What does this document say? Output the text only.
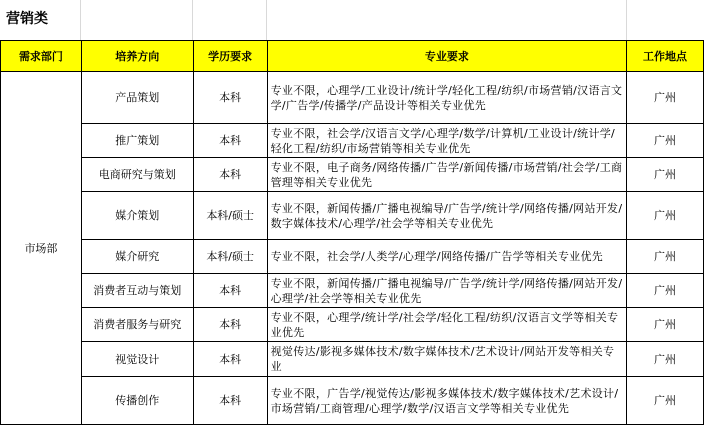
营销类
需求部门	培养方向	学历要求	专业要求	工作地点
市场部	产品策划	本科	专业不限，心理学/工业设计/统计学/轻化工程/纺织/市场营销/汉语言文学/广告学/传播学/产品设计等相关专业优先	广州
	推广策划	本科	专业不限，社会学/汉语言文学/心理学/数学/计算机/工业设计/统计学/轻化工程/纺织/市场营销等相关专业优先	广州
	电商研究与策划	本科	专业不限，电子商务/网络传播/广告学/新闻传播/市场营销/社会学/工商管理等相关专业优先	广州
	媒介策划	本科/硕士	专业不限，新闻传播/广播电视编导/广告学/统计学/网络传播/网站开发/数字媒体技术/心理学/社会学等相关专业优先	广州
	媒介研究	本科/硕士	专业不限，社会学/人类学/心理学/网络传播/广告学等相关专业优先	广州
	消费者互动与策划	本科	专业不限，新闻传播/广播电视编导/广告学/统计学/网络传播/网站开发/心理学/社会学等相关专业优先	广州
	消费者服务与研究	本科	专业不限，心理学/统计学/社会学/轻化工程/纺织/汉语言文学等相关专业优先	广州
	视觉设计	本科	视觉传达/影视多媒体技术/数字媒体技术/艺术设计/网站开发等相关专业	广州
	传播创作	本科	专业不限，广告学/视觉传达/影视多媒体技术/数字媒体技术/艺术设计/市场营销/工商管理/心理学/数学/汉语言文学等相关专业优先	广州
